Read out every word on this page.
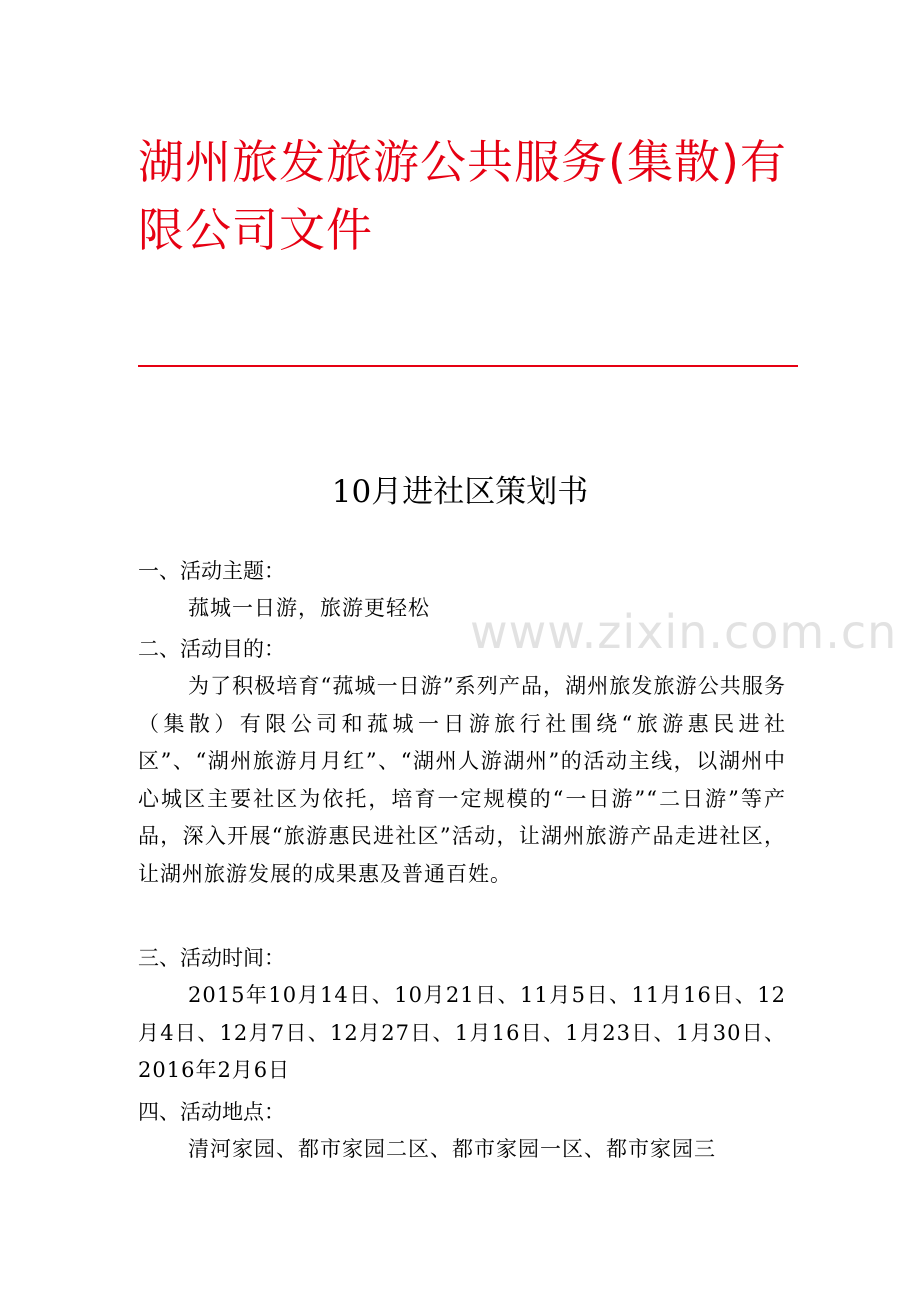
湖州旅发旅游公共服务(集散)有限公司文件
10月进社区策划书
www.zixin.com.cn
一、活动主题：
菰城一日游，旅游更轻松
二、活动目的：
为了积极培育“菰城一日游”系列产品，湖州旅发旅游公共服务（集散）有限公司和菰城一日游旅行社围绕“旅游惠民进社区”、“湖州旅游月月红”、“湖州人游湖州”的活动主线，以湖州中心城区主要社区为依托，培育一定规模的“一日游”“二日游”等产品，深入开展“旅游惠民进社区”活动，让湖州旅游产品走进社区，让湖州旅游发展的成果惠及普通百姓。
三、活动时间：
2015年10月14日、10月21日、11月5日、11月16日、12月4日、12月7日、12月27日、1月16日、1月23日、1月30日、2016年2月6日
四、活动地点：
清河家园、都市家园二区、都市家园一区、都市家园三
